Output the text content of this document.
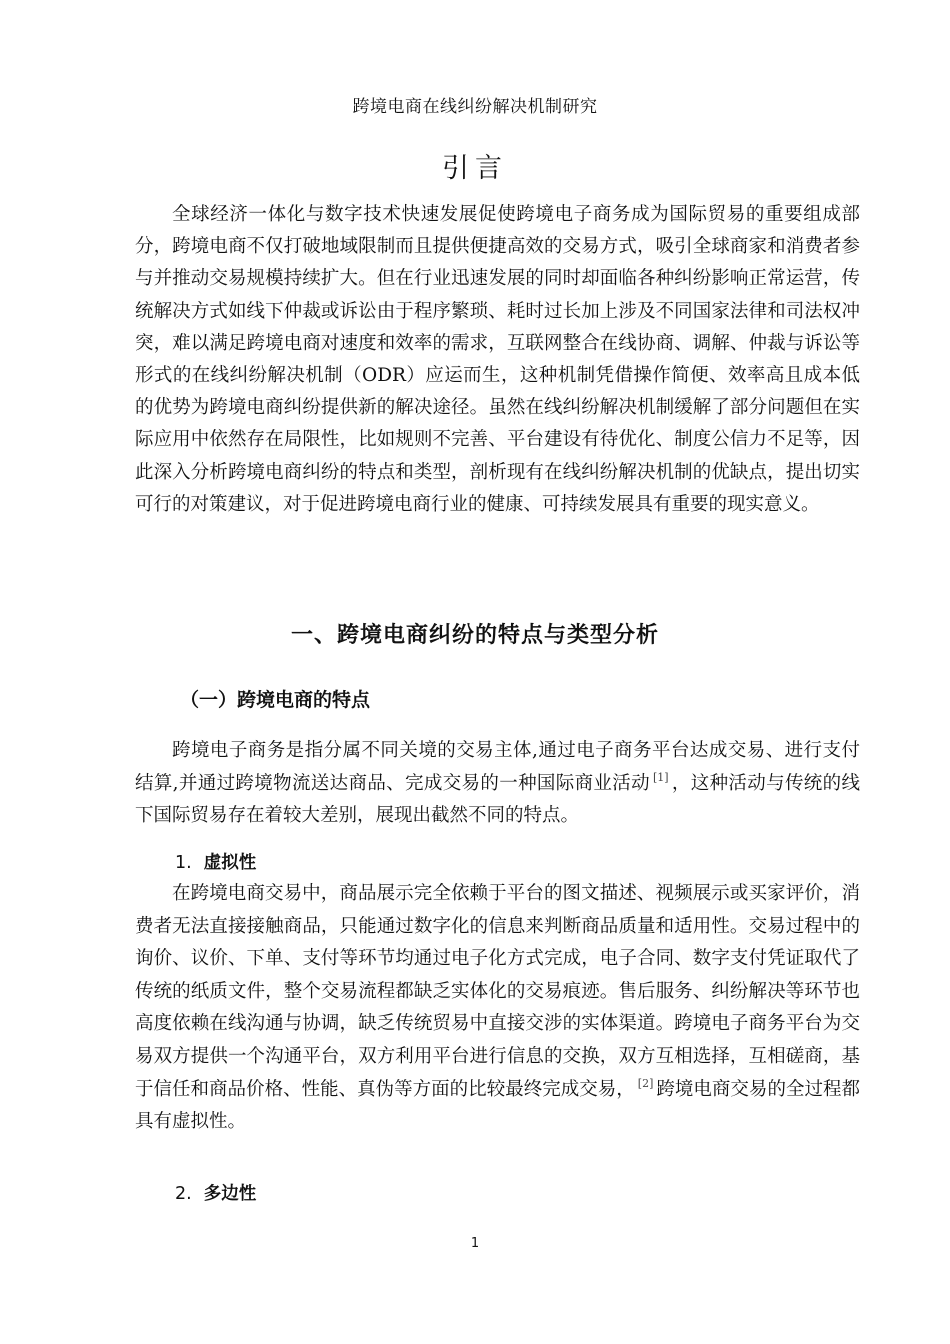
跨境电商在线纠纷解决机制研究
引言

全球经济一体化与数字技术快速发展促使跨境电子商务成为国际贸易的重要组成部分，跨境电商不仅打破地域限制而且提供便捷高效的交易方式，吸引全球商家和消费者参与并推动交易规模持续扩大。但在行业迅速发展的同时却面临各种纠纷影响正常运营，传统解决方式如线下仲裁或诉讼由于程序繁琐、耗时过长加上涉及不同国家法律和司法权冲突，难以满足跨境电商对速度和效率的需求，互联网整合在线协商、调解、仲裁与诉讼等形式的在线纠纷解决机制（ODR）应运而生，这种机制凭借操作简便、效率高且成本低的优势为跨境电商纠纷提供新的解决途径。虽然在线纠纷解决机制缓解了部分问题但在实际应用中依然存在局限性，比如规则不完善、平台建设有待优化、制度公信力不足等，因此深入分析跨境电商纠纷的特点和类型，剖析现有在线纠纷解决机制的优缺点，提出切实可行的对策建议，对于促进跨境电商行业的健康、可持续发展具有重要的现实意义。

一、跨境电商纠纷的特点与类型分析
（一）跨境电商的特点

跨境电子商务是指分属不同关境的交易主体,通过电子商务平台达成交易、进行支付结算,并通过跨境物流送达商品、完成交易的一种国际商业活动 [1] ，这种活动与传统的线下国际贸易存在着较大差别，展现出截然不同的特点。

1. 虚拟性

在跨境电商交易中，商品展示完全依赖于平台的图文描述、视频展示或买家评价，消费者无法直接接触商品，只能通过数字化的信息来判断商品质量和适用性。交易过程中的询价、议价、下单、支付等环节均通过电子化方式完成，电子合同、数字支付凭证取代了传统的纸质文件，整个交易流程都缺乏实体化的交易痕迹。售后服务、纠纷解决等环节也高度依赖在线沟通与协调，缺乏传统贸易中直接交涉的实体渠道。跨境电子商务平台为交易双方提供一个沟通平台，双方利用平台进行信息的交换，双方互相选择，互相磋商，基于信任和商品价格、性能、真伪等方面的比较最终完成交易， [2] 跨境电商交易的全过程都具有虚拟性。

2. 多边性
1
